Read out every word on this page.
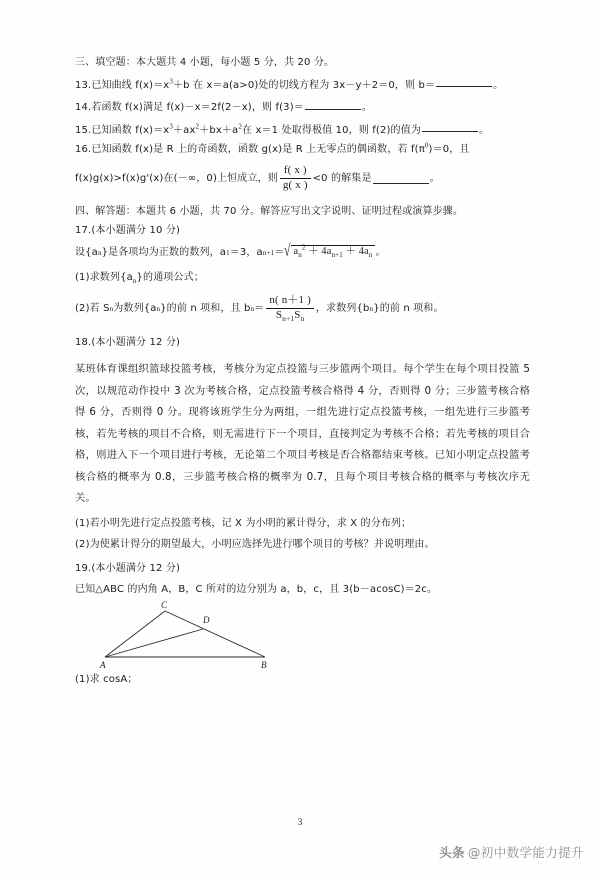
三、填空题：本大题共 4 小题，每小题 5 分，共 20 分。
13.已知曲线 $f(x)=x^3+b$ 在 x＝a(a>0)处的切线方程为 3x－y＋2＝0，则 b＝	。
14.若函数 f(x)满足 f(x)－x＝2f(2－x)，则 f(3)＝	。
15.已知函数 $f(x)=x^3+ax^2+bx+a^2$在 x＝1 处取得极值 10，则 f(2)的值为	。
16.已知函数 f(x)是 R 上的奇函数，函数 g(x)是 R 上无零点的偶函数，若 $f(\pi^0)=0$，且
f(x)g(x)>f(x)g'(x)在(－∞，0)上恒成立，则 $\frac{f( x )}{g( x )} <0$ 的解集是	。
四、解答题：本题共 6 小题，共 70 分。解答应写出文字说明、证明过程或演算步骤。
17.(本小题满分 10 分)
设{a n }是各项均为正数的数列，a 1 ＝3，a n+1 ＝ √ $a_n^2 + 4a_{n+1} + 4a_n$ 。
(1)求数列$\{a_n\}$的通项公式；
(2) 若 S n 为数列{a n }的前 n 项和，且 b $n = \frac{n( n+1 )}{S_{n+1}S_n}$ ，求数列{b n }的前 n 项和。
18.(本小题满分 12 分)
某班体育课组织篮球投篮考核，考核分为定点投篮与三步篮两个项目。每个学生在每个项目投篮 5 次，以规范动作投中 3 次为考核合格，定点投篮考核合格得 4 分，否则得 0 分；三步篮考核合格得 6 分，否则得 0 分。现将该班学生分为两组，一组先进行定点投篮考核，一组先进行三步篮考核，若先考核的项目不合格，则无需进行下一个项目，直接判定为考核不合格；若先考核的项目合格，则进入下一个项目进行考核，无论第二个项目考核是否合格都结束考核。已知小明定点投篮考核合格的概率为 0.8，三步篮考核合格的概率为 0.7，且每个项目考核合格的概率与考核次序无关。
(1)若小明先进行定点投篮考核，记 X 为小明的累计得分，求 X 的分布列；
(2)为使累计得分的期望最大，小明应选择先进行哪个项目的考核？并说明理由。
19.(本小题满分 12 分)
已知△ABC 的内角 A，B，C 所对的边分别为 a，b，c，且 3(b－acosC)＝2c。
C
D
A	B
(1)求 cosA；
3
头条 @初中数学能力提升
